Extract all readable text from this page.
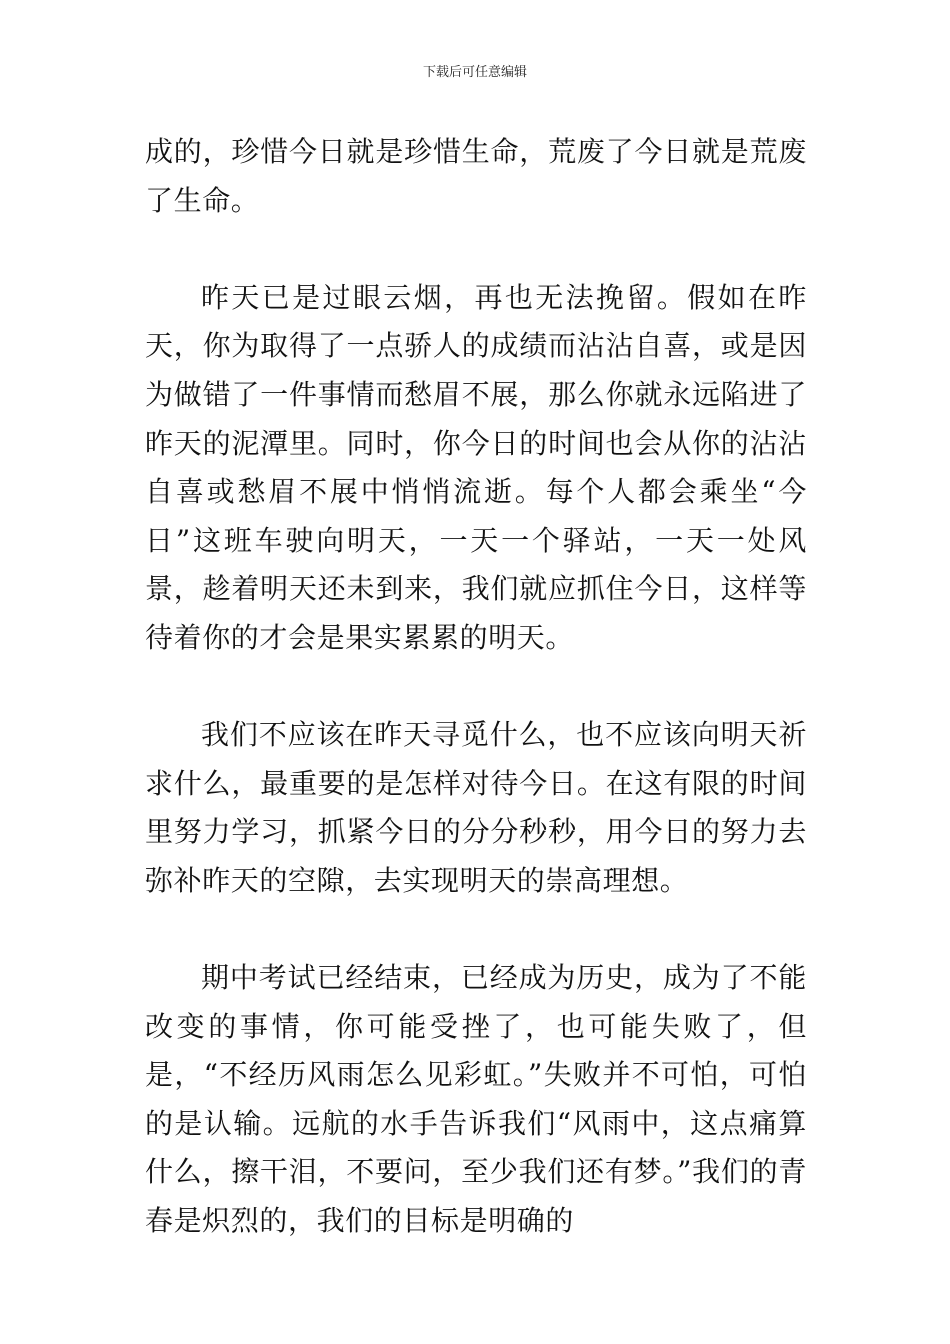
下载后可任意编辑

成的，珍惜今日就是珍惜生命，荒废了今日就是荒废了生命。

昨天已是过眼云烟，再也无法挽留。假如在昨天，你为取得了一点骄人的成绩而沾沾自喜，或是因为做错了一件事情而愁眉不展，那么你就永远陷进了昨天的泥潭里。同时，你今日的时间也会从你的沾沾自喜或愁眉不展中悄悄流逝。每个人都会乘坐“今日”这班车驶向明天，一天一个驿站，一天一处风景，趁着明天还未到来，我们就应抓住今日，这样等待着你的才会是果实累累的明天。

我们不应该在昨天寻觅什么，也不应该向明天祈求什么，最重要的是怎样对待今日。在这有限的时间里努力学习，抓紧今日的分分秒秒，用今日的努力去弥补昨天的空隙，去实现明天的崇高理想。

期中考试已经结束，已经成为历史，成为了不能改变的事情，你可能受挫了，也可能失败了，但是，“不经历风雨怎么见彩虹。”失败并不可怕，可怕的是认输。远航的水手告诉我们“风雨中，这点痛算什么，擦干泪，不要问，至少我们还有梦。”我们的青春是炽烈的，我们的目标是明确的
